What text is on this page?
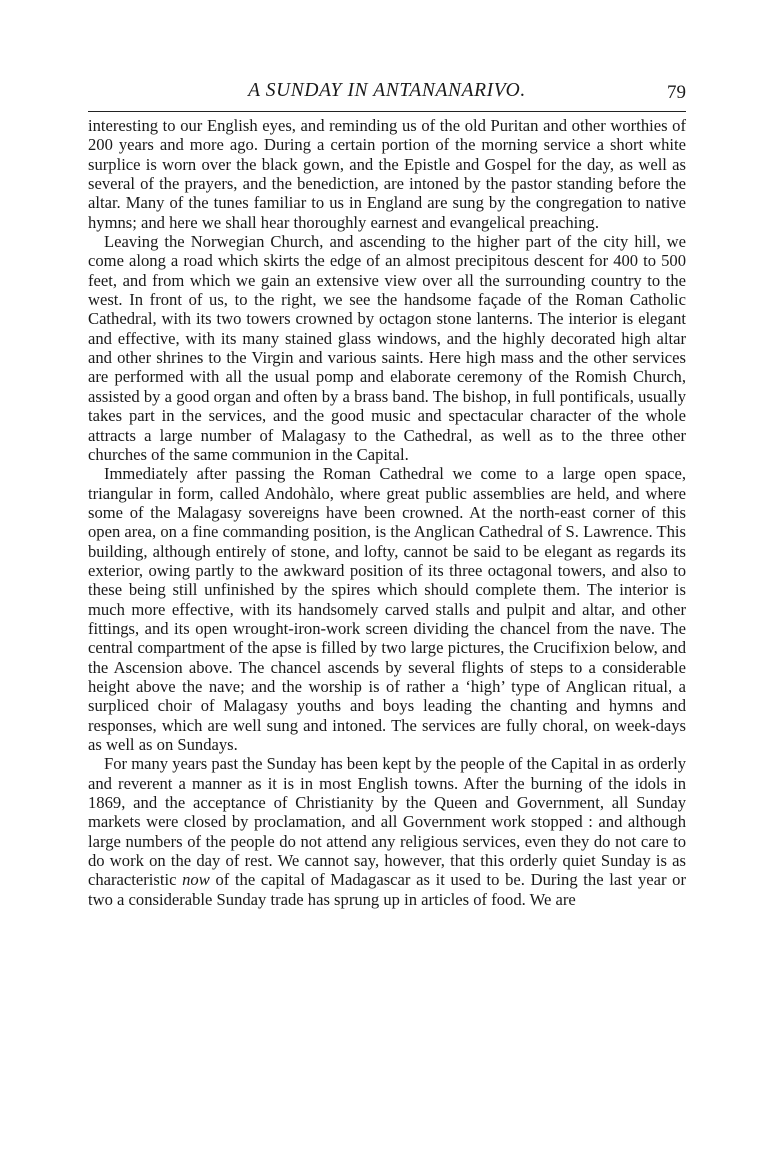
A SUNDAY IN ANTANANARIVO.	79

interesting to our English eyes, and reminding us of the old Puritan and other worthies of 200 years and more ago. During a certain portion of the morning service a short white surplice is worn over the black gown, and the Epistle and Gospel for the day, as well as several of the prayers, and the benediction, are intoned by the pastor standing before the altar. Many of the tunes familiar to us in England are sung by the congregation to native hymns; and here we shall hear thoroughly earnest and evangelical preaching.

Leaving the Norwegian Church, and ascending to the higher part of the city hill, we come along a road which skirts the edge of an almost precipitous descent for 400 to 500 feet, and from which we gain an extensive view over all the surrounding country to the west. In front of us, to the right, we see the handsome façade of the Roman Catholic Cathedral, with its two towers crowned by octagon stone lanterns. The interior is elegant and effective, with its many stained glass windows, and the highly decorated high altar and other shrines to the Virgin and various saints. Here high mass and the other services are performed with all the usual pomp and elaborate ceremony of the Romish Church, assisted by a good organ and often by a brass band. The bishop, in full pontificals, usually takes part in the services, and the good music and spectacular character of the whole attracts a large number of Malagasy to the Cathedral, as well as to the three other churches of the same communion in the Capital.

Immediately after passing the Roman Cathedral we come to a large open space, triangular in form, called Andohàlo, where great public assemblies are held, and where some of the Malagasy sovereigns have been crowned. At the north-east corner of this open area, on a fine commanding position, is the Anglican Cathedral of S. Lawrence. This building, although entirely of stone, and lofty, cannot be said to be elegant as regards its exterior, owing partly to the awkward position of its three octagonal towers, and also to these being still unfinished by the spires which should complete them. The interior is much more effective, with its handsomely carved stalls and pulpit and altar, and other fittings, and its open wrought-iron-work screen dividing the chancel from the nave. The central compartment of the apse is filled by two large pictures, the Crucifixion below, and the Ascension above. The chancel ascends by several flights of steps to a considerable height above the nave; and the worship is of rather a ‘high’ type of Anglican ritual, a surpliced choir of Malagasy youths and boys leading the chanting and hymns and responses, which are well sung and intoned. The services are fully choral, on week-days as well as on Sundays.

For many years past the Sunday has been kept by the people of the Capital in as orderly and reverent a manner as it is in most English towns. After the burning of the idols in 1869, and the acceptance of Christianity by the Queen and Government, all Sunday markets were closed by proclamation, and all Government work stopped : and although large numbers of the people do not attend any religious services, even they do not care to do work on the day of rest. We cannot say, however, that this orderly quiet Sunday is as characteristic now of the capital of Madagascar as it used to be. During the last year or two a considerable Sunday trade has sprung up in articles of food. We are
